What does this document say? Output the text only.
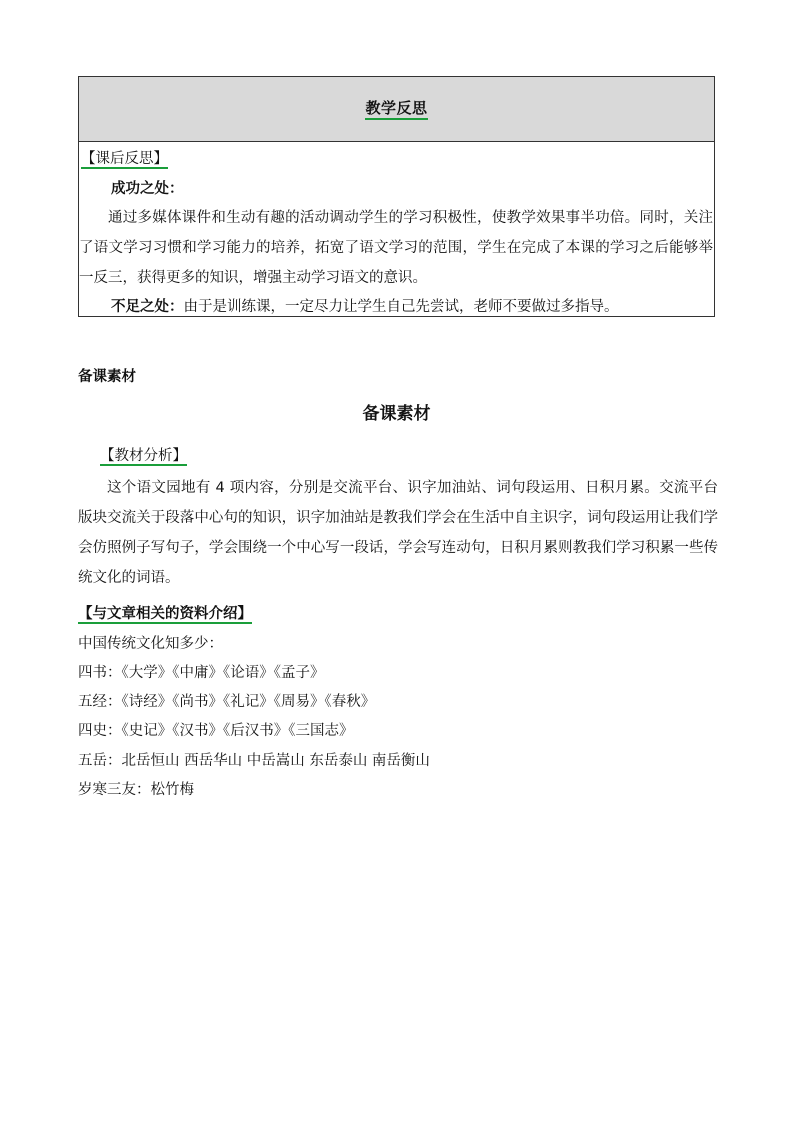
教学反思
【课后反思】
成功之处：
通过多媒体课件和生动有趣的活动调动学生的学习积极性，使教学效果事半功倍。同时，关注了语文学习习惯和学习能力的培养，拓宽了语文学习的范围，学生在完成了本课的学习之后能够举一反三，获得更多的知识，增强主动学习语文的意识。
不足之处：由于是训练课，一定尽力让学生自己先尝试，老师不要做过多指导。
备课素材
备课素材
【教材分析】
这个语文园地有 4 项内容，分别是交流平台、识字加油站、词句段运用、日积月累。交流平台版块交流关于段落中心句的知识，识字加油站是教我们学会在生活中自主识字，词句段运用让我们学会仿照例子写句子，学会围绕一个中心写一段话，学会写连动句，日积月累则教我们学习积累一些传统文化的词语。
【与文章相关的资料介绍】
中国传统文化知多少：
四书：《大学》《中庸》《论语》《孟子》
五经：《诗经》《尚书》《礼记》《周易》《春秋》
四史：《史记》《汉书》《后汉书》《三国志》
五岳：北岳恒山 西岳华山 中岳嵩山 东岳泰山 南岳衡山
岁寒三友：松竹梅
